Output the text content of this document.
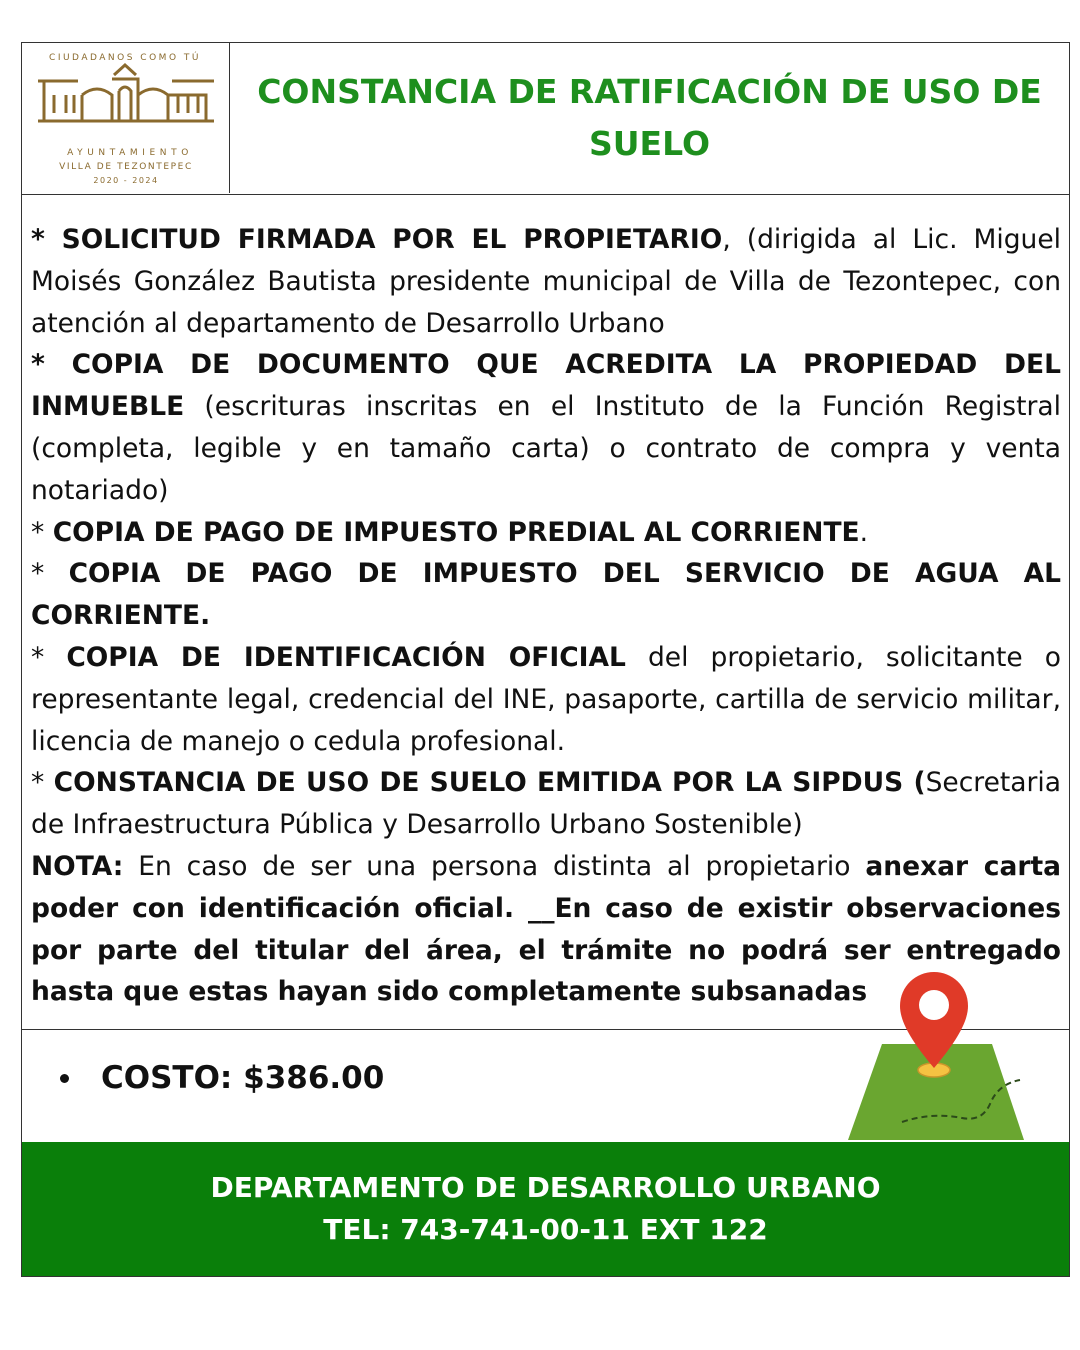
CIUDADANOS COMO TÚ
AYUNTAMIENTO
VILLA DE TEZONTEPEC
2020 - 2024
CONSTANCIA DE RATIFICACIÓN DE USO DE SUELO

* SOLICITUD FIRMADA POR EL PROPIETARIO, (dirigida al Lic. Miguel Moisés González Bautista presidente municipal de Villa de Tezontepec, con atención al departamento de Desarrollo Urbano

* COPIA DE DOCUMENTO QUE ACREDITA LA PROPIEDAD DEL INMUEBLE (escrituras inscritas en el Instituto de la Función Registral (completa, legible y en tamaño carta) o contrato de compra y venta notariado)

* COPIA DE PAGO DE IMPUESTO PREDIAL AL CORRIENTE.

* COPIA DE PAGO DE IMPUESTO DEL SERVICIO DE AGUA AL CORRIENTE.

* COPIA DE IDENTIFICACIÓN OFICIAL del propietario, solicitante o representante legal, credencial del INE, pasaporte, cartilla de servicio militar, licencia de manejo o cedula profesional.

* CONSTANCIA DE USO DE SUELO EMITIDA POR LA SIPDUS (Secretaria de Infraestructura Pública y Desarrollo Urbano Sostenible)

NOTA: En caso de ser una persona distinta al propietario anexar carta poder con identificación oficial. __En caso de existir observaciones por parte del titular del área, el trámite no podrá ser entregado hasta que estas hayan sido completamente subsanadas

COSTO: $386.00
DEPARTAMENTO DE DESARROLLO URBANO
TEL: 743-741-00-11 EXT 122
